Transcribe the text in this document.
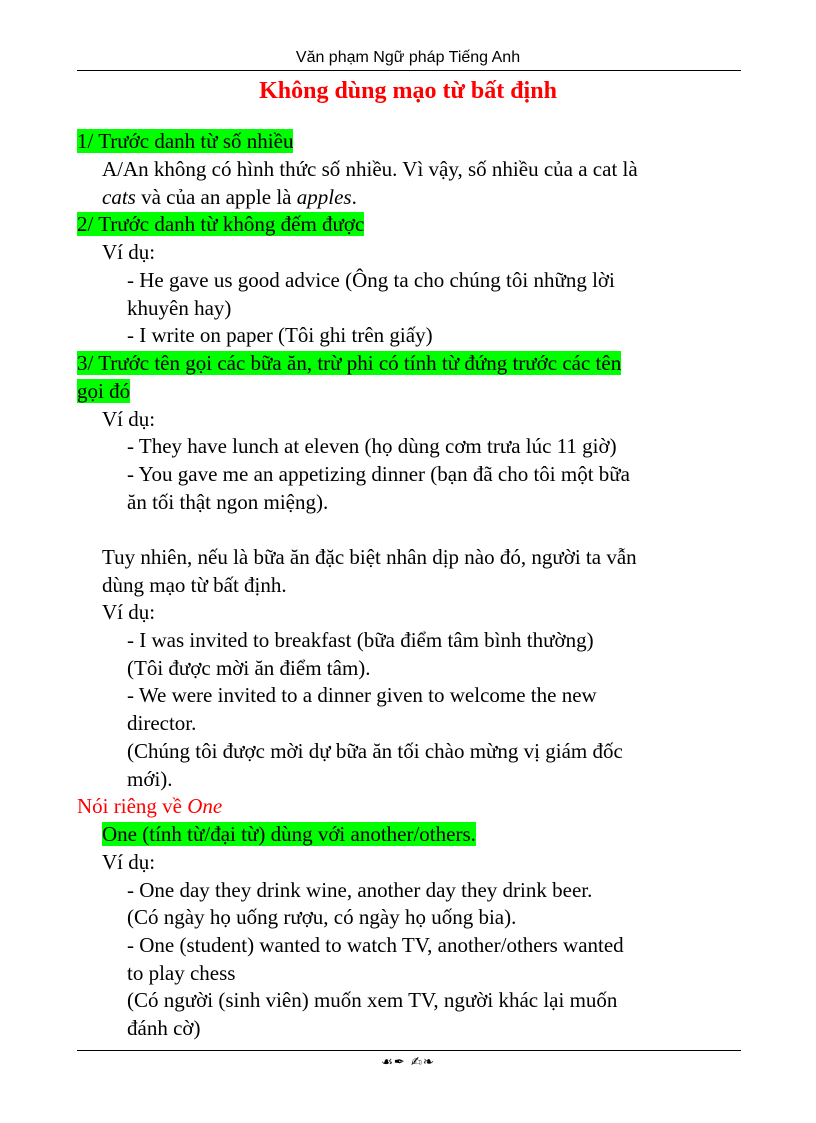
Văn phạm Ngữ pháp Tiếng Anh
Không dùng mạo từ bất định
1/ Trước danh từ số nhiều
A/An không có hình thức số nhiều. Vì vậy, số nhiều của a cat là
cats và của an apple là apples.
2/ Trước danh từ không đếm được
Ví dụ:
- He gave us good advice (Ông ta cho chúng tôi những lời
khuyên hay)
- I write on paper (Tôi ghi trên giấy)
3/ Trước tên gọi các bữa ăn, trừ phi có tính từ đứng trước các tên
gọi đó
Ví dụ:
- They have lunch at eleven (họ dùng cơm trưa lúc 11 giờ)
- You gave me an appetizing dinner (bạn đã cho tôi một bữa
ăn tối thật ngon miệng).
Tuy nhiên, nếu là bữa ăn đặc biệt nhân dịp nào đó, người ta vẫn
dùng mạo từ bất định.
Ví dụ:
- I was invited to breakfast (bữa điểm tâm bình thường)
(Tôi được mời ăn điểm tâm).
- We were invited to a dinner given to welcome the new
director.
(Chúng tôi được mời dự bữa ăn tối chào mừng vị giám đốc
mới).
Nói riêng về One
One (tính từ/đại từ) dùng với another/others.
Ví dụ:
- One day they drink wine, another day they drink beer.
(Có ngày họ uống rượu, có ngày họ uống bia).
- One (student) wanted to watch TV, another/others wanted
to play chess
(Có người (sinh viên) muốn xem TV, người khác lại muốn
đánh cờ)
☙✒ ✍❧
